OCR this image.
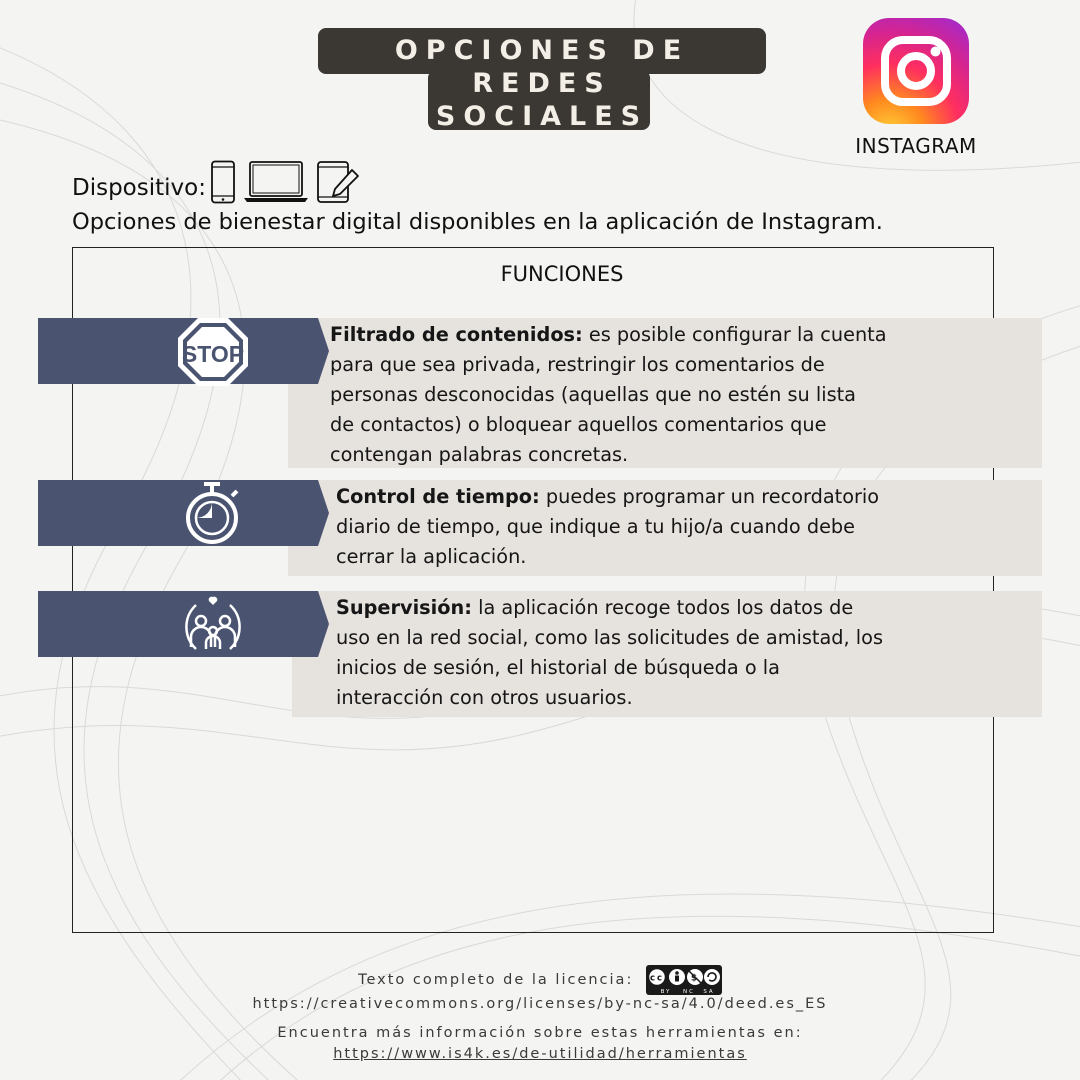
OPCIONES DE REDES
SOCIALES
INSTAGRAM
Dispositivo:
Opciones de bienestar digital disponibles en la aplicación de Instagram.
FUNCIONES
Filtrado de contenidos: es posible configurar la cuenta
para que sea privada, restringir los comentarios de
personas desconocidas (aquellas que no estén su lista
de contactos) o bloquear aquellos comentarios que
contengan palabras concretas.
STOP
Control de tiempo: puedes programar un recordatorio
diario de tiempo, que indique a tu hijo/a cuando debe
cerrar la aplicación.
Supervisión: la aplicación recoge todos los datos de
uso en la red social, como las solicitudes de amistad, los
inicios de sesión, el historial de búsqueda o la
interacción con otros usuarios.
Texto completo de la licencia: cc	$
BY NC SA
https://creativecommons.org/licenses/by-nc-sa/4.0/deed.es_ES
Encuentra más información sobre estas herramientas en:
https://www.is4k.es/de-utilidad/herramientas
